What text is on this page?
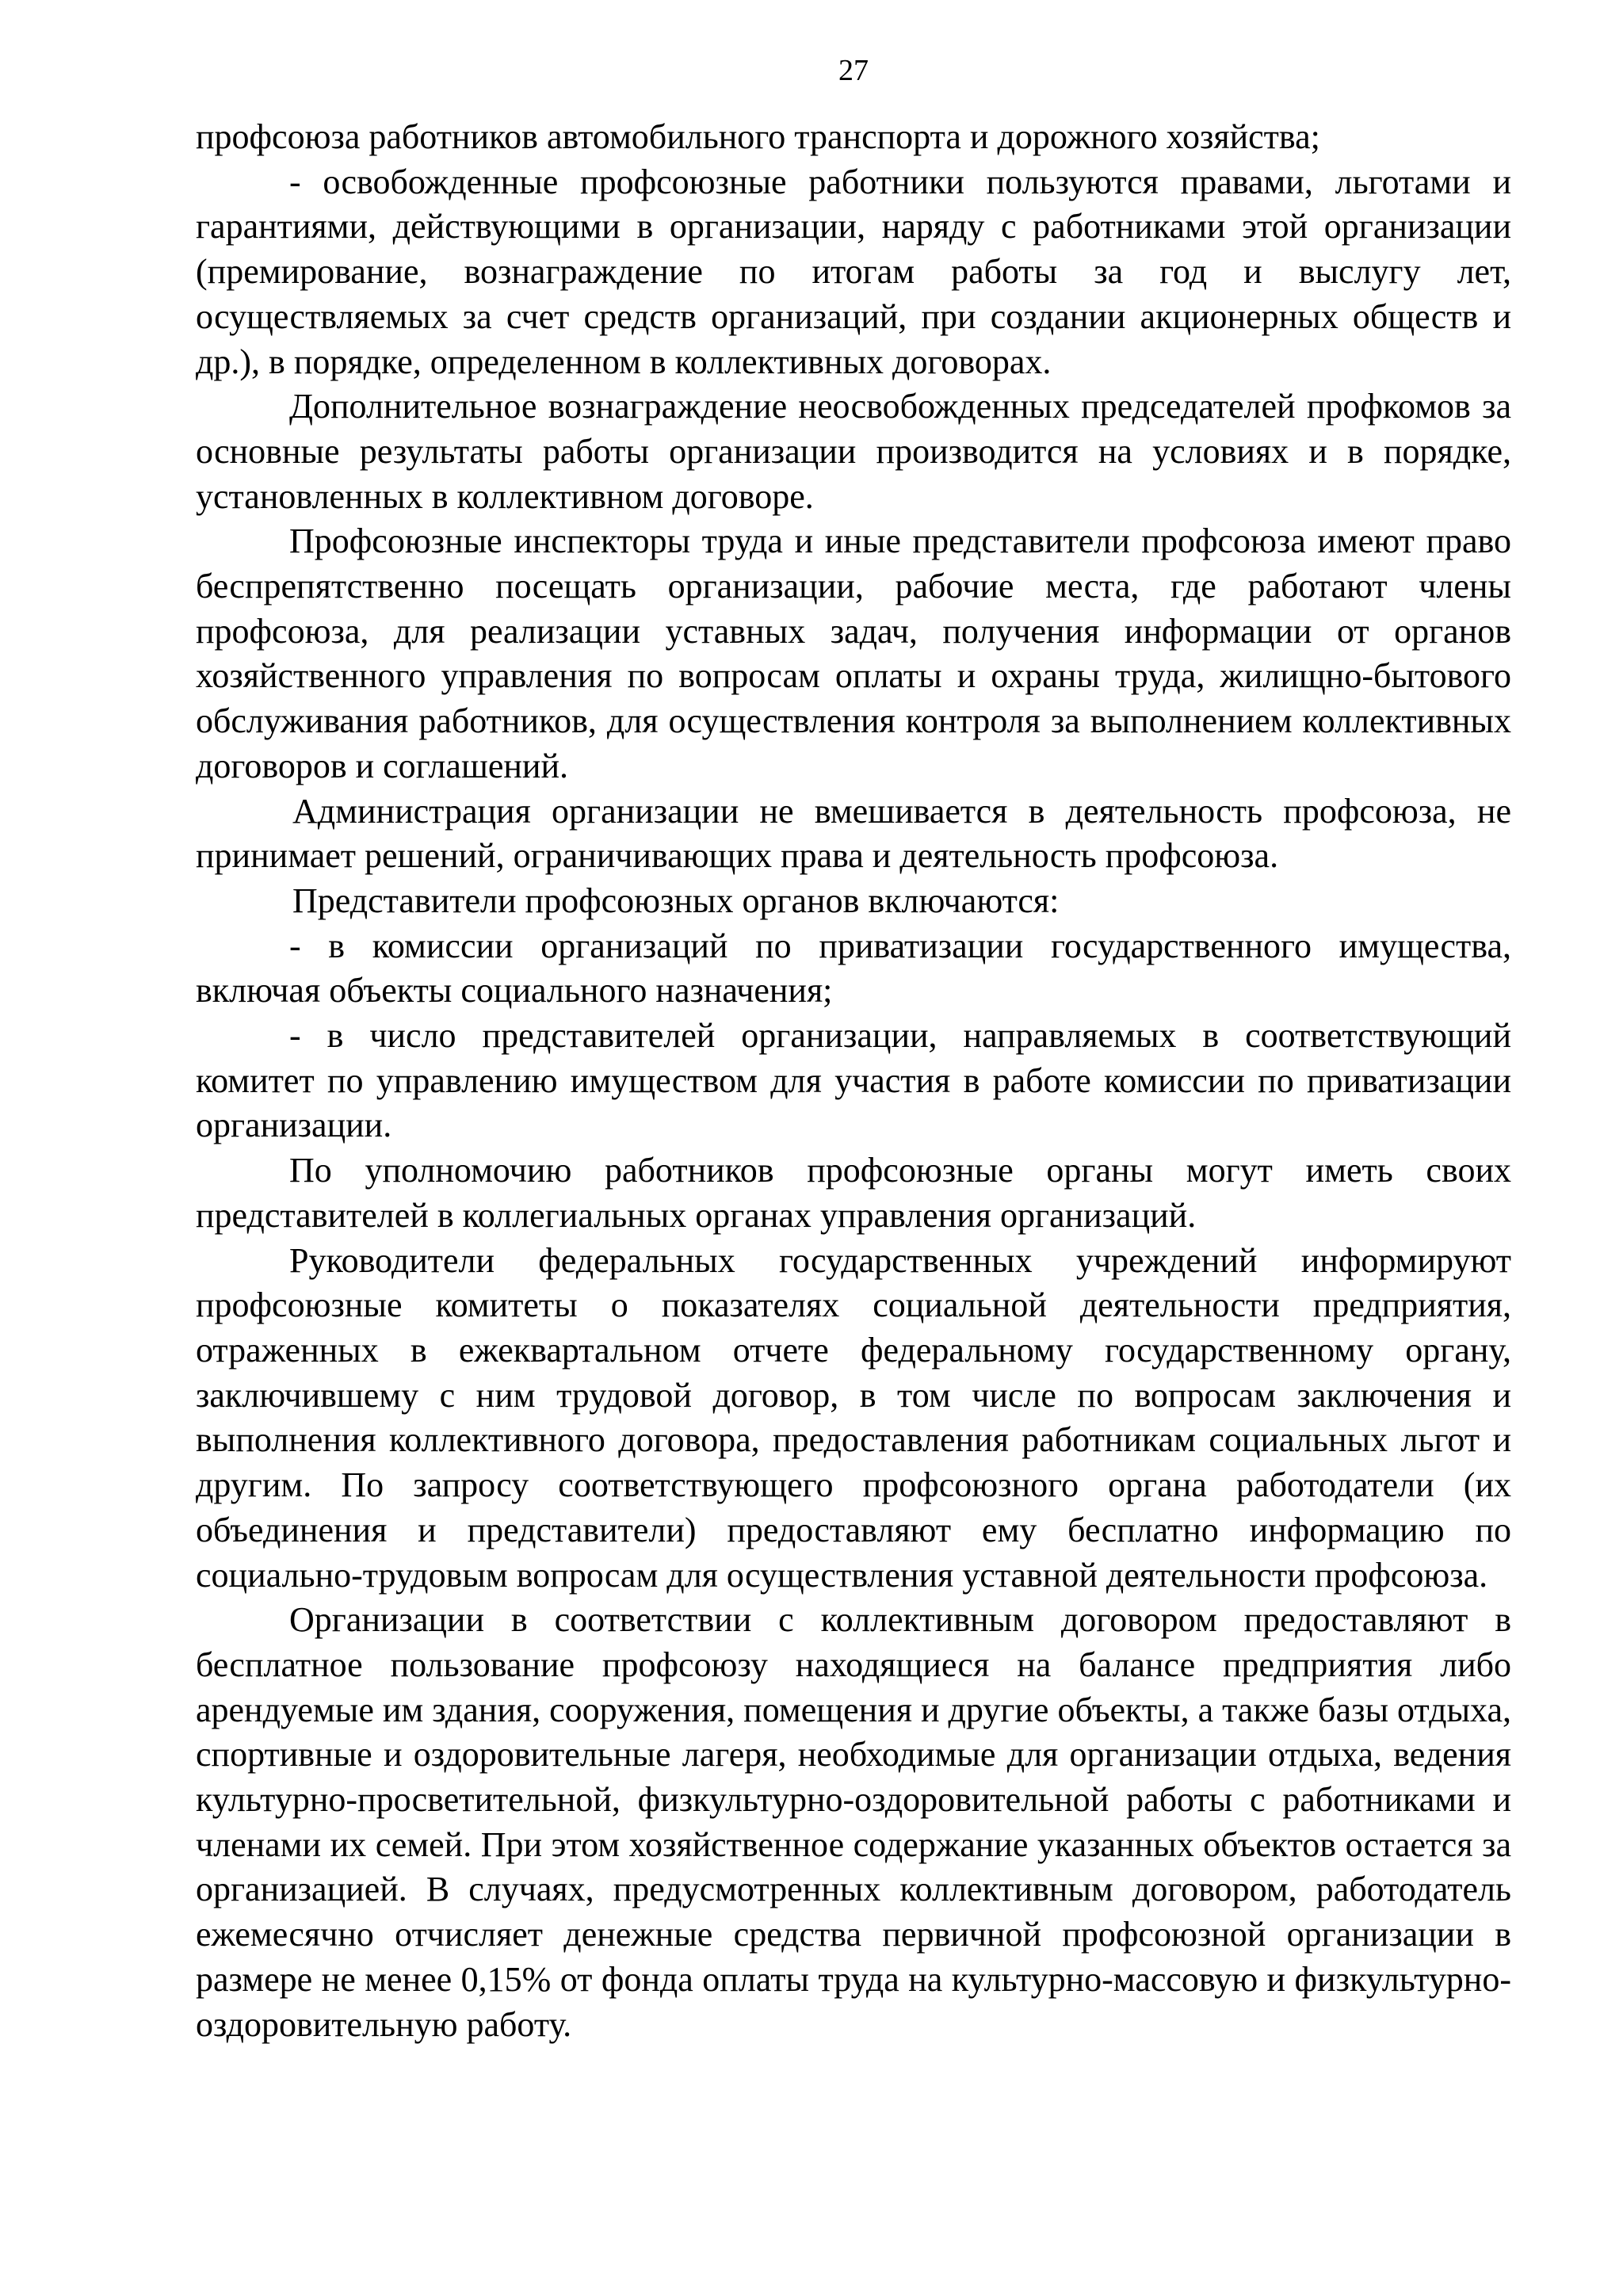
27

профсоюза работников автомобильного транспорта и дорожного хозяйства;

- освобожденные профсоюзные работники пользуются правами, льготами и гарантиями, действующими в организации, наряду с работниками этой организации (премирование, вознаграждение по итогам работы за год и выслугу лет, осуществляемых за счет средств организаций, при создании акционерных обществ и др.), в порядке, определенном в коллективных договорах.

Дополнительное вознаграждение неосвобожденных председателей профкомов за основные результаты работы организации производится на условиях и в порядке, установленных в коллективном договоре.

Профсоюзные инспекторы труда и иные представители профсоюза имеют право беспрепятственно посещать организации, рабочие места, где работают члены профсоюза, для реализации уставных задач, получения информации от органов хозяйственного управления по вопросам оплаты и охраны труда, жилищно-бытового обслуживания работников, для осуществления контроля за выполнением коллективных договоров и соглашений.

Администрация организации не вмешивается в деятельность профсоюза, не принимает решений, ограничивающих права и деятельность профсоюза.

Представители профсоюзных органов включаются:

- в комиссии организаций по приватизации государственного имущества, включая объекты социального назначения;

- в число представителей организации, направляемых в соответствующий комитет по управлению имуществом для участия в работе комиссии по приватизации организации.

По уполномочию работников профсоюзные органы могут иметь своих представителей в коллегиальных органах управления организаций.

Руководители федеральных государственных учреждений информируют профсоюзные комитеты о показателях социальной деятельности предприятия, отраженных в ежеквартальном отчете федеральному государственному органу, заключившему с ним трудовой договор, в том числе по вопросам заключения и выполнения коллективного договора, предоставления работникам социальных льгот и другим. По запросу соответствующего профсоюзного органа работодатели (их объединения и представители) предоставляют ему бесплатно информацию по социально-трудовым вопросам для осуществления уставной деятельности профсоюза.

Организации в соответствии с коллективным договором предоставляют в бесплатное пользование профсоюзу находящиеся на балансе предприятия либо арендуемые им здания, сооружения, помещения и другие объекты, а также базы отдыха, спортивные и оздоровительные лагеря, необходимые для организации отдыха, ведения культурно-просветительной, физкультурно-оздоровительной работы с работниками и членами их семей. При этом хозяйственное содержание указанных объектов остается за организацией. В случаях, предусмотренных коллективным договором, работодатель ежемесячно отчисляет денежные средства первичной профсоюзной организации в размере не менее 0,15% от фонда оплаты труда на культурно-массовую и физкультурно-оздоровительную работу.
